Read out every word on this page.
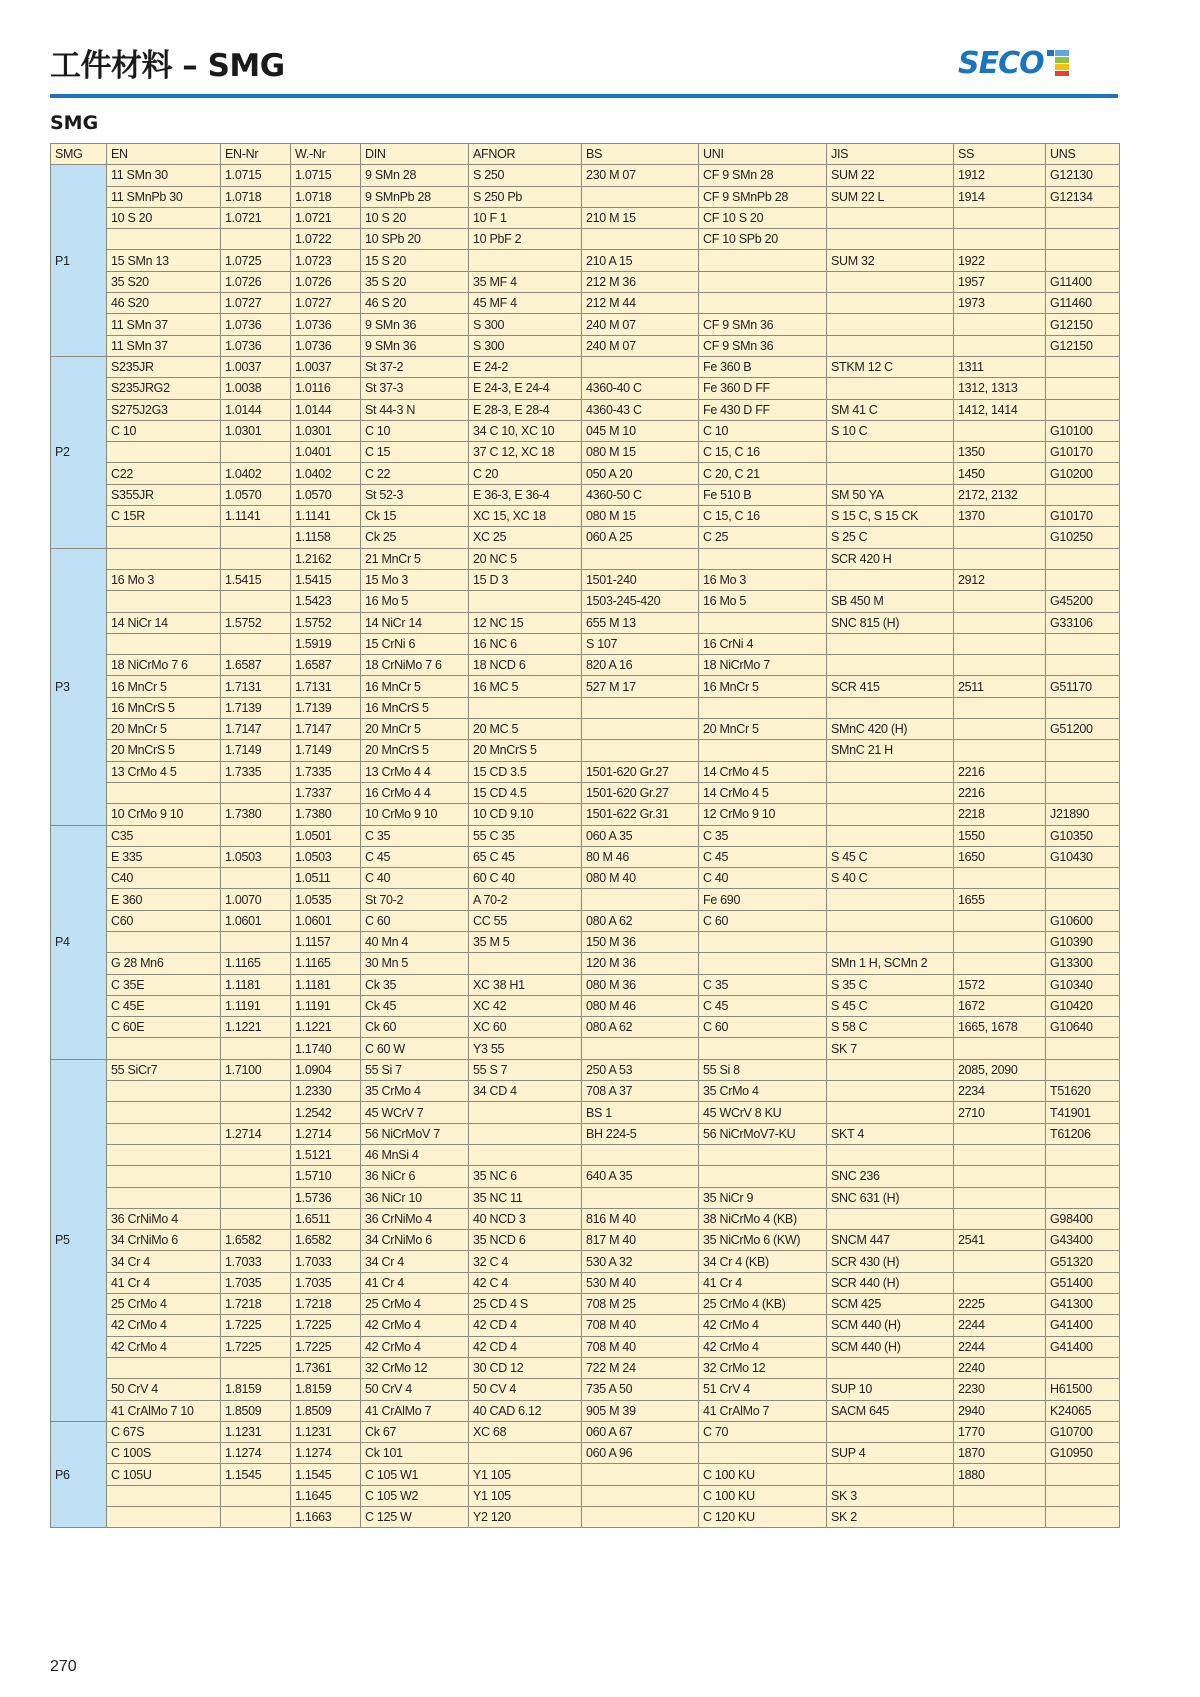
工件材料 – SMG	SECO
SMG
SMG	EN	EN-Nr	W.-Nr	DIN	AFNOR	BS	UNI	JIS	SS	UNS
P1	11 SMn 30	1.0715	1.0715	9 SMn 28	S 250	230 M 07	CF 9 SMn 28	SUM 22	1912	G12130
	11 SMnPb 30	1.0718	1.0718	9 SMnPb 28	S 250 Pb		CF 9 SMnPb 28	SUM 22 L	1914	G12134
	10 S 20	1.0721	1.0721	10 S 20	10 F 1	210 M 15	CF 10 S 20			
			1.0722	10 SPb 20	10 PbF 2		CF 10 SPb 20			
	15 SMn 13	1.0725	1.0723	15 S 20		210 A 15		SUM 32	1922	
	35 S20	1.0726	1.0726	35 S 20	35 MF 4	212 M 36			1957	G11400
	46 S20	1.0727	1.0727	46 S 20	45 MF 4	212 M 44			1973	G11460
	11 SMn 37	1.0736	1.0736	9 SMn 36	S 300	240 M 07	CF 9 SMn 36			G12150
	11 SMn 37	1.0736	1.0736	9 SMn 36	S 300	240 M 07	CF 9 SMn 36			G12150
P2	S235JR	1.0037	1.0037	St 37-2	E 24-2		Fe 360 B	STKM 12 C	1311	
	S235JRG2	1.0038	1.0116	St 37-3	E 24-3, E 24-4	4360-40 C	Fe 360 D FF		1312, 1313	
	S275J2G3	1.0144	1.0144	St 44-3 N	E 28-3, E 28-4	4360-43 C	Fe 430 D FF	SM 41 C	1412, 1414	
	C 10	1.0301	1.0301	C 10	34 C 10, XC 10	045 M 10	C 10	S 10 C		G10100
			1.0401	C 15	37 C 12, XC 18	080 M 15	C 15, C 16		1350	G10170
	C22	1.0402	1.0402	C 22	C 20	050 A 20	C 20, C 21		1450	G10200
	S355JR	1.0570	1.0570	St 52-3	E 36-3, E 36-4	4360-50 C	Fe 510 B	SM 50 YA	2172, 2132	
	C 15R	1.1141	1.1141	Ck 15	XC 15, XC 18	080 M 15	C 15, C 16	S 15 C, S 15 CK	1370	G10170
			1.1158	Ck 25	XC 25	060 A 25	C 25	S 25 C		G10250
P3			1.2162	21 MnCr 5	20 NC 5			SCR 420 H		
	16 Mo 3	1.5415	1.5415	15 Mo 3	15 D 3	1501-240	16 Mo 3		2912	
			1.5423	16 Mo 5		1503-245-420	16 Mo 5	SB 450 M		G45200
	14 NiCr 14	1.5752	1.5752	14 NiCr 14	12 NC 15	655 M 13		SNC 815 (H)		G33106
			1.5919	15 CrNi 6	16 NC 6	S 107	16 CrNi 4			
	18 NiCrMo 7 6	1.6587	1.6587	18 CrNiMo 7 6	18 NCD 6	820 A 16	18 NiCrMo 7			
	16 MnCr 5	1.7131	1.7131	16 MnCr 5	16 MC 5	527 M 17	16 MnCr 5	SCR 415	2511	G51170
	16 MnCrS 5	1.7139	1.7139	16 MnCrS 5						
	20 MnCr 5	1.7147	1.7147	20 MnCr 5	20 MC 5		20 MnCr 5	SMnC 420 (H)		G51200
	20 MnCrS 5	1.7149	1.7149	20 MnCrS 5	20 MnCrS 5			SMnC 21 H		
	13 CrMo 4 5	1.7335	1.7335	13 CrMo 4 4	15 CD 3.5	1501-620 Gr.27	14 CrMo 4 5		2216	
			1.7337	16 CrMo 4 4	15 CD 4.5	1501-620 Gr.27	14 CrMo 4 5		2216	
	10 CrMo 9 10	1.7380	1.7380	10 CrMo 9 10	10 CD 9.10	1501-622 Gr.31	12 CrMo 9 10		2218	J21890
P4	C35		1.0501	C 35	55 C 35	060 A 35	C 35		1550	G10350
	E 335	1.0503	1.0503	C 45	65 C 45	80 M 46	C 45	S 45 C	1650	G10430
	C40		1.0511	C 40	60 C 40	080 M 40	C 40	S 40 C		
	E 360	1.0070	1.0535	St 70-2	A 70-2		Fe 690		1655	
	C60	1.0601	1.0601	C 60	CC 55	080 A 62	C 60			G10600
			1.1157	40 Mn 4	35 M 5	150 M 36				G10390
	G 28 Mn6	1.1165	1.1165	30 Mn 5		120 M 36		SMn 1 H, SCMn 2		G13300
	C 35E	1.1181	1.1181	Ck 35	XC 38 H1	080 M 36	C 35	S 35 C	1572	G10340
	C 45E	1.1191	1.1191	Ck 45	XC 42	080 M 46	C 45	S 45 C	1672	G10420
	C 60E	1.1221	1.1221	Ck 60	XC 60	080 A 62	C 60	S 58 C	1665, 1678	G10640
			1.1740	C 60 W	Y3 55			SK 7		
P5	55 SiCr7	1.7100	1.0904	55 Si 7	55 S 7	250 A 53	55 Si 8		2085, 2090	
			1.2330	35 CrMo 4	34 CD 4	708 A 37	35 CrMo 4		2234	T51620
			1.2542	45 WCrV 7		BS 1	45 WCrV 8 KU		2710	T41901
		1.2714	1.2714	56 NiCrMoV 7		BH 224-5	56 NiCrMoV7-KU	SKT 4		T61206
			1.5121	46 MnSi 4						
			1.5710	36 NiCr 6	35 NC 6	640 A 35		SNC 236		
			1.5736	36 NiCr 10	35 NC 11		35 NiCr 9	SNC 631 (H)		
	36 CrNiMo 4		1.6511	36 CrNiMo 4	40 NCD 3	816 M 40	38 NiCrMo 4 (KB)			G98400
	34 CrNiMo 6	1.6582	1.6582	34 CrNiMo 6	35 NCD 6	817 M 40	35 NiCrMo 6 (KW)	SNCM 447	2541	G43400
	34 Cr 4	1.7033	1.7033	34 Cr 4	32 C 4	530 A 32	34 Cr 4 (KB)	SCR 430 (H)		G51320
	41 Cr 4	1.7035	1.7035	41 Cr 4	42 C 4	530 M 40	41 Cr 4	SCR 440 (H)		G51400
	25 CrMo 4	1.7218	1.7218	25 CrMo 4	25 CD 4 S	708 M 25	25 CrMo 4 (KB)	SCM 425	2225	G41300
	42 CrMo 4	1.7225	1.7225	42 CrMo 4	42 CD 4	708 M 40	42 CrMo 4	SCM 440 (H)	2244	G41400
	42 CrMo 4	1.7225	1.7225	42 CrMo 4	42 CD 4	708 M 40	42 CrMo 4	SCM 440 (H)	2244	G41400
			1.7361	32 CrMo 12	30 CD 12	722 M 24	32 CrMo 12		2240	
	50 CrV 4	1.8159	1.8159	50 CrV 4	50 CV 4	735 A 50	51 CrV 4	SUP 10	2230	H61500
	41 CrAlMo 7 10	1.8509	1.8509	41 CrAlMo 7	40 CAD 6.12	905 M 39	41 CrAlMo 7	SACM 645	2940	K24065
P6	C 67S	1.1231	1.1231	Ck 67	XC 68	060 A 67	C 70		1770	G10700
	C 100S	1.1274	1.1274	Ck 101		060 A 96		SUP 4	1870	G10950
	C 105U	1.1545	1.1545	C 105 W1	Y1 105		C 100 KU		1880	
			1.1645	C 105 W2	Y1 105		C 100 KU	SK 3		
			1.1663	C 125 W	Y2 120		C 120 KU	SK 2		
270
